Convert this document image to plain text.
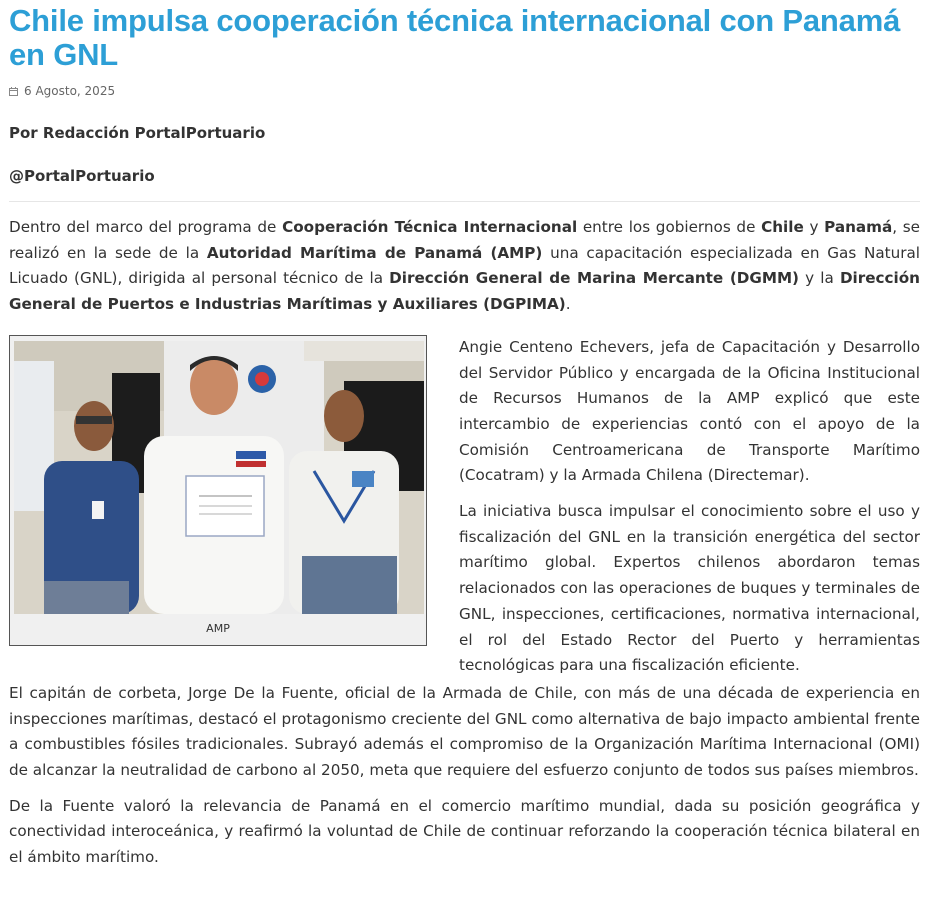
Chile impulsa cooperación técnica internacional con Panamá en GNL
6 Agosto, 2025
Por Redacción PortalPortuario
@PortalPortuario

Dentro del marco del programa de Cooperación Técnica Internacional entre los gobiernos de Chile y Panamá, se realizó en la sede de la Autoridad Marítima de Panamá (AMP) una capacitación especializada en Gas Natural Licuado (GNL), dirigida al personal técnico de la Dirección General de Marina Mercante (DGMM) y la Dirección General de Puertos e Industrias Marítimas y Auxiliares (DGPIMA).

AMP

Angie Centeno Echevers, jefa de Capacitación y Desarrollo del Servidor Público y encargada de la Oficina Institucional de Recursos Humanos de la AMP explicó que este intercambio de experiencias contó con el apoyo de la Comisión Centroamericana de Transporte Marítimo (Cocatram) y la Armada Chilena (Directemar).

La iniciativa busca impulsar el conocimiento sobre el uso y fiscalización del GNL en la transición energética del sector marítimo global. Expertos chilenos abordaron temas relacionados con las operaciones de buques y terminales de GNL, inspecciones, certificaciones, normativa internacional, el rol del Estado Rector del Puerto y herramientas tecnológicas para una fiscalización eficiente.

El capitán de corbeta, Jorge De la Fuente, oficial de la Armada de Chile, con más de una década de experiencia en inspecciones marítimas, destacó el protagonismo creciente del GNL como alternativa de bajo impacto ambiental frente a combustibles fósiles tradicionales. Subrayó además el compromiso de la Organización Marítima Internacional (OMI) de alcanzar la neutralidad de carbono al 2050, meta que requiere del esfuerzo conjunto de todos sus países miembros.

De la Fuente valoró la relevancia de Panamá en el comercio marítimo mundial, dada su posición geográfica y conectividad interoceánica, y reafirmó la voluntad de Chile de continuar reforzando la cooperación técnica bilateral en el ámbito marítimo.
